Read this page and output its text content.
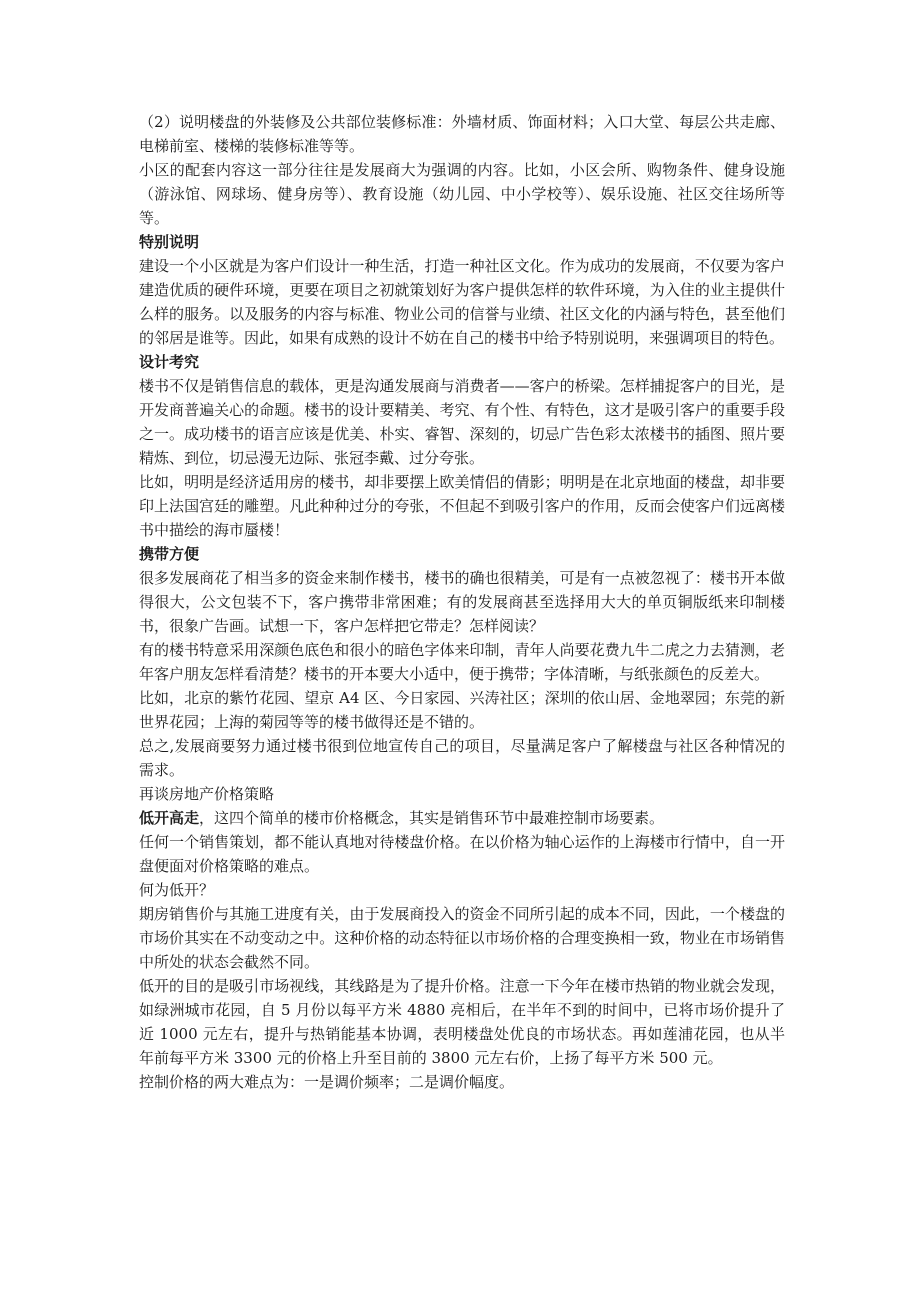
（2）说明楼盘的外装修及公共部位装修标准：外墙材质、饰面材料；入口大堂、每层公共走廊、电梯前室、楼梯的装修标准等等。

小区的配套内容这一部分往往是发展商大为强调的内容。比如，小区会所、购物条件、健身设施（游泳馆、网球场、健身房等）、教育设施（幼儿园、中小学校等）、娱乐设施、社区交往场所等等。

特别说明

建设一个小区就是为客户们设计一种生活，打造一种社区文化。作为成功的发展商，不仅要为客户建造优质的硬件环境，更要在项目之初就策划好为客户提供怎样的软件环境，为入住的业主提供什么样的服务。以及服务的内容与标准、物业公司的信誉与业绩、社区文化的内涵与特色，甚至他们的邻居是谁等。因此，如果有成熟的设计不妨在自己的楼书中给予特别说明，来强调项目的特色。

设计考究

楼书不仅是销售信息的载体，更是沟通发展商与消费者——客户的桥梁。怎样捕捉客户的目光，是开发商普遍关心的命题。楼书的设计要精美、考究、有个性、有特色，这才是吸引客户的重要手段之一。成功楼书的语言应该是优美、朴实、睿智、深刻的，切忌广告色彩太浓楼书的插图、照片要精炼、到位，切忌漫无边际、张冠李戴、过分夸张。

比如，明明是经济适用房的楼书，却非要摆上欧美情侣的倩影；明明是在北京地面的楼盘，却非要印上法国宫廷的雕塑。凡此种种过分的夸张，不但起不到吸引客户的作用，反而会使客户们远离楼书中描绘的海市蜃楼！

携带方便

很多发展商花了相当多的资金来制作楼书，楼书的确也很精美，可是有一点被忽视了：楼书开本做得很大，公文包装不下，客户携带非常困难；有的发展商甚至选择用大大的单页铜版纸来印制楼书，很象广告画。试想一下，客户怎样把它带走？怎样阅读？

有的楼书特意采用深颜色底色和很小的暗色字体来印制，青年人尚要花费九牛二虎之力去猜测，老年客户朋友怎样看清楚？楼书的开本要大小适中，便于携带；字体清晰，与纸张颜色的反差大。

比如，北京的紫竹花园、望京 A4 区、今日家园、兴涛社区；深圳的依山居、金地翠园；东莞的新世界花园；上海的菊园等等的楼书做得还是不错的。

总之,发展商要努力通过楼书很到位地宣传自己的项目，尽量满足客户了解楼盘与社区各种情况的需求。

再谈房地产价格策略

低开高走，这四个简单的楼市价格概念，其实是销售环节中最难控制市场要素。

任何一个销售策划，都不能认真地对待楼盘价格。在以价格为轴心运作的上海楼市行情中，自一开盘便面对价格策略的难点。

何为低开？

期房销售价与其施工进度有关，由于发展商投入的资金不同所引起的成本不同，因此，一个楼盘的市场价其实在不动变动之中。这种价格的动态特征以市场价格的合理变换相一致，物业在市场销售中所处的状态会截然不同。

低开的目的是吸引市场视线，其线路是为了提升价格。注意一下今年在楼市热销的物业就会发现，如绿洲城市花园，自 5 月份以每平方米 4880 亮相后，在半年不到的时间中，已将市场价提升了近 1000 元左右，提升与热销能基本协调，表明楼盘处优良的市场状态。再如莲浦花园，也从半年前每平方米 3300 元的价格上升至目前的 3800 元左右价，上扬了每平方米 500 元。

控制价格的两大难点为：一是调价频率；二是调价幅度。
